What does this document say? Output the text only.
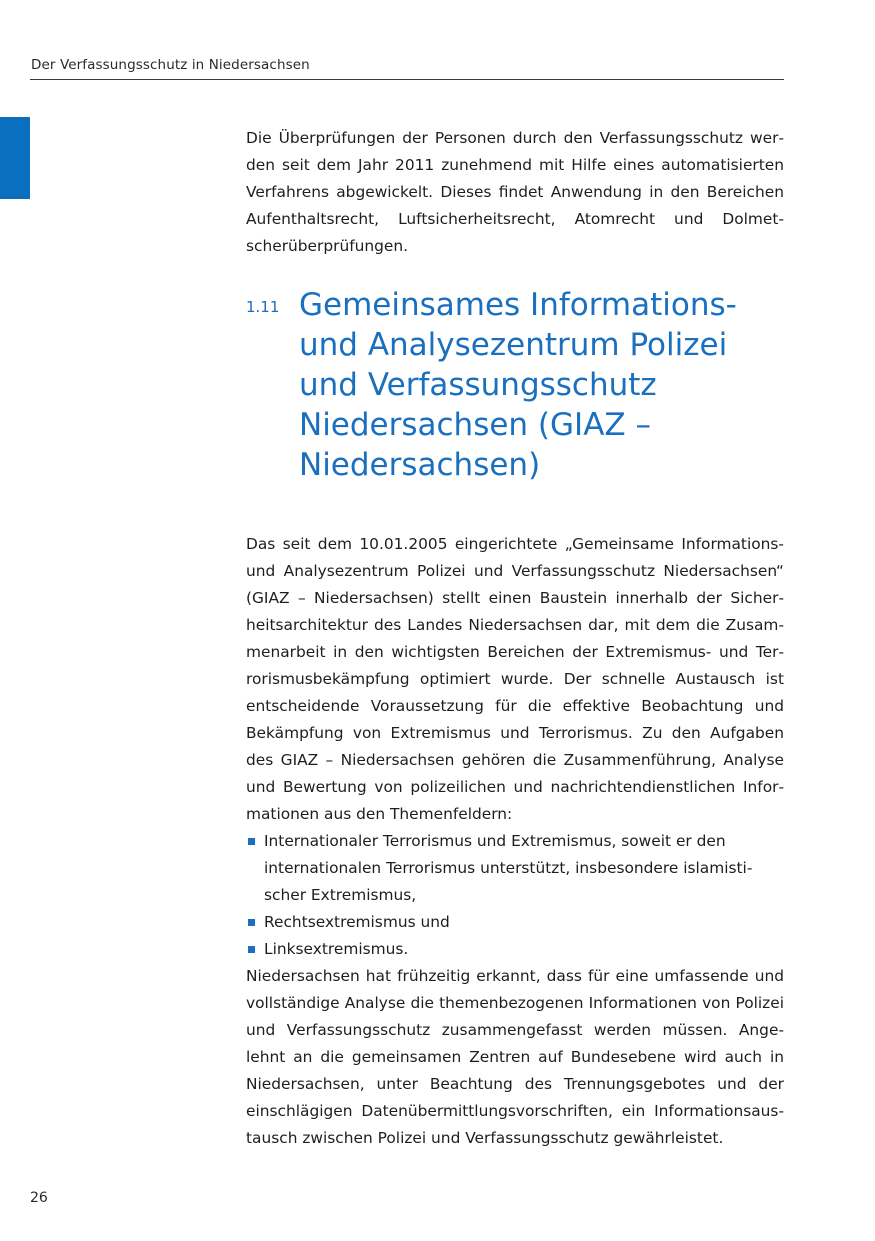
Der Verfassungsschutz in Niedersachsen

Die Überprüfungen der Personen durch den Verfassungsschutz werden seit dem Jahr 2011 zunehmend mit Hilfe eines automatisierten Verfahrens abgewickelt. Dieses findet Anwendung in den Bereichen Aufenthaltsrecht, Luftsicherheitsrecht, Atomrecht und Dolmetscherüberprüfungen.

1.11 Gemeinsames Informations- und Analysezentrum Polizei und Verfassungsschutz Niedersachsen (GIAZ – Niedersachsen)

Das seit dem 10.01.2005 eingerichtete „Gemeinsame Informations- und Analysezentrum Polizei und Verfassungsschutz Niedersachsen“ (GIAZ – Niedersachsen) stellt einen Baustein innerhalb der Sicherheitsarchitektur des Landes Niedersachsen dar, mit dem die Zusammenarbeit in den wichtigsten Bereichen der Extremismus- und Terrorismusbekämpfung optimiert wurde. Der schnelle Austausch ist entscheidende Voraussetzung für die effektive Beobachtung und Bekämpfung von Extremismus und Terrorismus. Zu den Aufgaben des GIAZ – Niedersachsen gehören die Zusammenführung, Analyse und Bewertung von polizeilichen und nachrichtendienstlichen Informationen aus den Themenfeldern:

Internationaler Terrorismus und Extremismus, soweit er den internationalen Terrorismus unterstützt, insbesondere islamistischer Extremismus,
Rechtsextremismus und
Linksextremismus.

Niedersachsen hat frühzeitig erkannt, dass für eine umfassende und vollständige Analyse die themenbezogenen Informationen von Polizei und Verfassungsschutz zusammengefasst werden müssen. Angelehnt an die gemeinsamen Zentren auf Bundesebene wird auch in Niedersachsen, unter Beachtung des Trennungsgebotes und der einschlägigen Datenübermittlungsvorschriften, ein Informationsaustausch zwischen Polizei und Verfassungsschutz gewährleistet.

26
